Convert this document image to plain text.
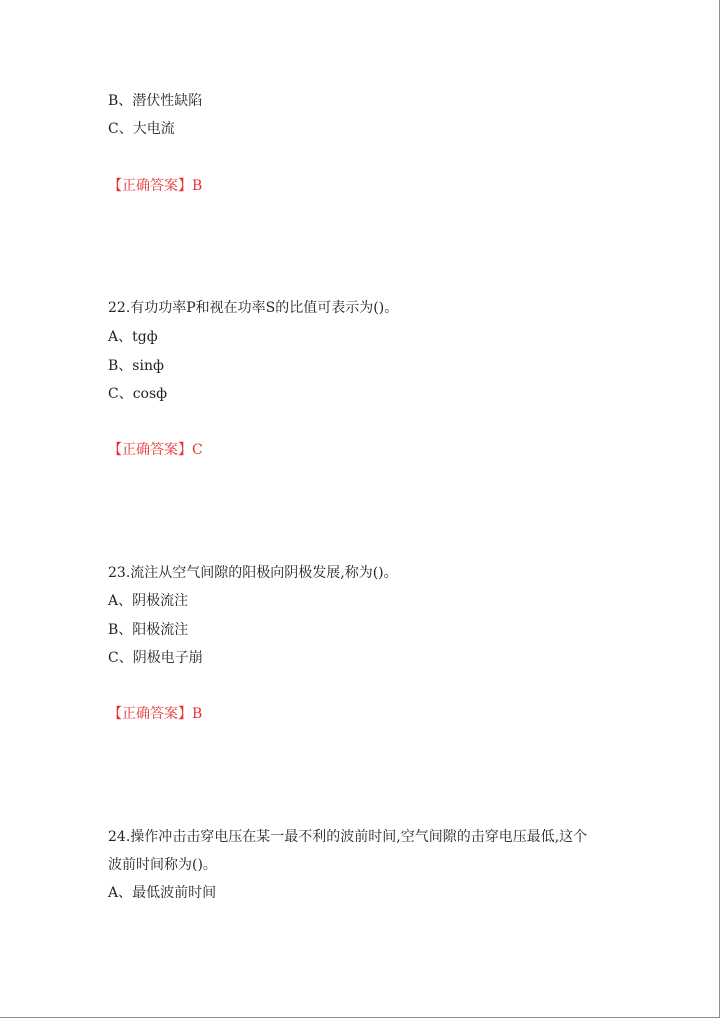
B、潜伏性缺陷
C、大电流
【正确答案】B
22.有功功率P和视在功率S的比值可表示为()。
A、tgф
B、sinф
C、cosф
【正确答案】C
23.流注从空气间隙的阳极向阴极发展,称为()。
A、阴极流注
B、阳极流注
C、阴极电子崩
【正确答案】B
24.操作冲击击穿电压在某一最不利的波前时间,空气间隙的击穿电压最低,这个
波前时间称为()。
A、最低波前时间
